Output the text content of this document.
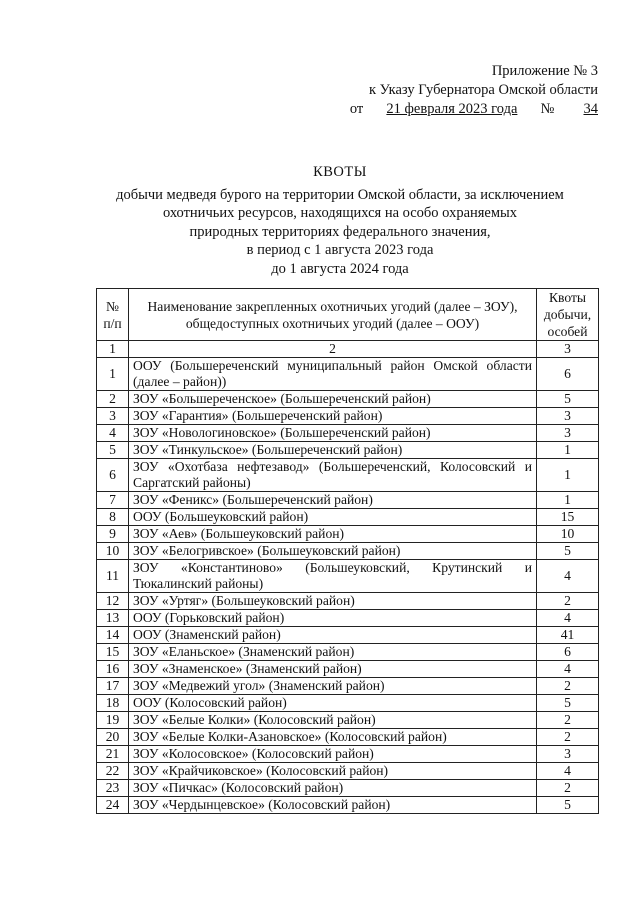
Приложение № 3
к Указу Губернатора Омской области
от 21 февраля 2023 года № 34
КВОТЫ
добычи медведя бурого на территории Омской области, за исключением
охотничьих ресурсов, находящихся на особо охраняемых
природных территориях федерального значения,
в период с 1 августа 2023 года
до 1 августа 2024 года
№ п/п	Наименование закрепленных охотничьих угодий (далее – ЗОУ), общедоступных охотничьих угодий (далее – ООУ)	Квоты добычи, особей
1	2	3
1	ООУ (Большереченский муниципальный район Омской области (далее – район))	6
2	ЗОУ «Большереченское» (Большереченский район)	5
3	ЗОУ «Гарантия» (Большереченский район)	3
4	ЗОУ «Новологиновское» (Большереченский район)	3
5	ЗОУ «Тинкульское» (Большереченский район)	1
6	ЗОУ «Охотбаза нефтезавод» (Большереченский, Колосовский и Саргатский районы)	1
7	ЗОУ «Феникс» (Большереченский район)	1
8	ООУ (Большеуковский район)	15
9	ЗОУ «Аев» (Большеуковский район)	10
10	ЗОУ «Белогривское» (Большеуковский район)	5
11	ЗОУ «Константиново» (Большеуковский, Крутинский и Тюкалинский районы)	4
12	ЗОУ «Уртяг» (Большеуковский район)	2
13	ООУ (Горьковский район)	4
14	ООУ (Знаменский район)	41
15	ЗОУ «Еланьское» (Знаменский район)	6
16	ЗОУ «Знаменское» (Знаменский район)	4
17	ЗОУ «Медвежий угол» (Знаменский район)	2
18	ООУ (Колосовский район)	5
19	ЗОУ «Белые Колки» (Колосовский район)	2
20	ЗОУ «Белые Колки-Азановское» (Колосовский район)	2
21	ЗОУ «Колосовское» (Колосовский район)	3
22	ЗОУ «Крайчиковское» (Колосовский район)	4
23	ЗОУ «Пичкас» (Колосовский район)	2
24	ЗОУ «Чердынцевское» (Колосовский район)	5
